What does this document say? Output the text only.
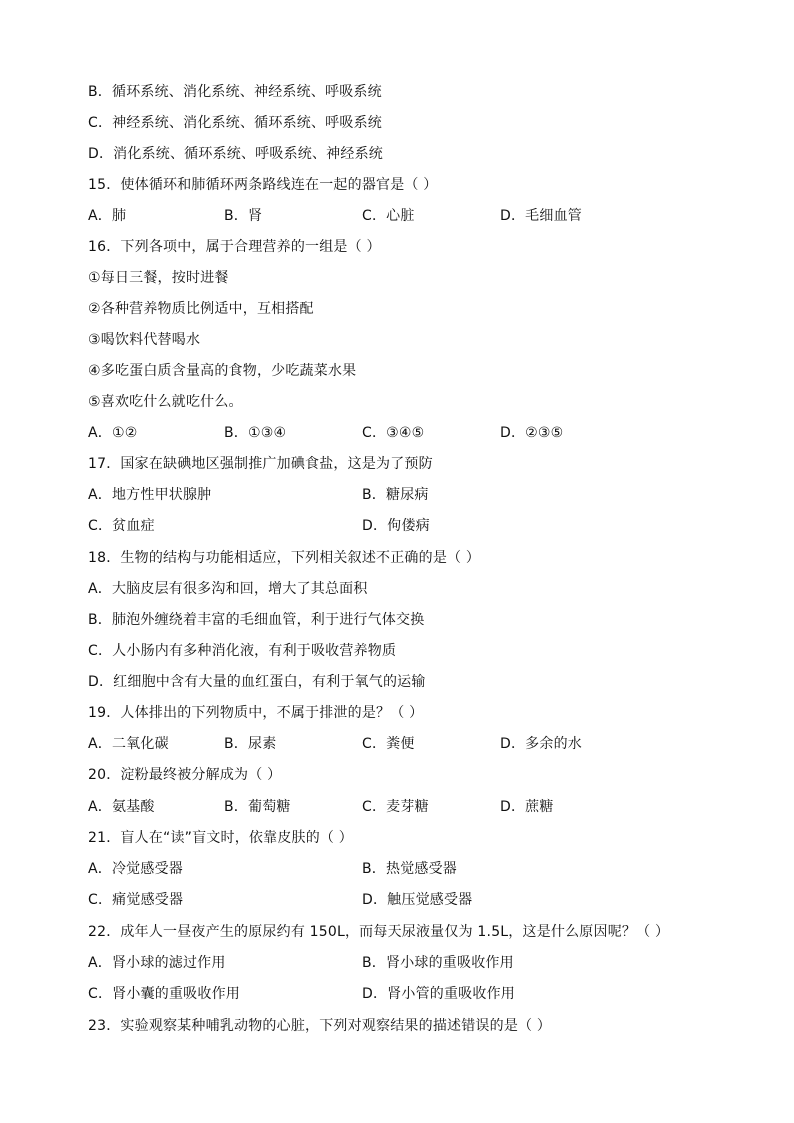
B．循环系统、消化系统、神经系统、呼吸系统
C．神经系统、消化系统、循环系统、呼吸系统
D．消化系统、循环系统、呼吸系统、神经系统
15．使体循环和肺循环两条路线连在一起的器官是（ ）
A．肺	B．肾	C．心脏	D．毛细血管
16．下列各项中，属于合理营养的一组是（ ）
①每日三餐，按时进餐
②各种营养物质比例适中，互相搭配
③喝饮料代替喝水
④多吃蛋白质含量高的食物，少吃蔬菜水果
⑤喜欢吃什么就吃什么。
A．①②	B．①③④	C．③④⑤	D．②③⑤
17．国家在缺碘地区强制推广加碘食盐，这是为了预防
A．地方性甲状腺肿	B．糖尿病
C．贫血症	D．佝偻病
18．生物的结构与功能相适应，下列相关叙述不正确的是（ ）
A．大脑皮层有很多沟和回，增大了其总面积
B．肺泡外缠绕着丰富的毛细血管，利于进行气体交换
C．人小肠内有多种消化液，有利于吸收营养物质
D．红细胞中含有大量的血红蛋白，有利于氧气的运输
19．人体排出的下列物质中，不属于排泄的是？（ ）
A．二氧化碳	B．尿素	C．粪便	D．多余的水
20．淀粉最终被分解成为（ ）
A．氨基酸	B．葡萄糖	C．麦芽糖	D．蔗糖
21．盲人在“读”盲文时，依靠皮肤的（ ）
A．冷觉感受器	B．热觉感受器
C．痛觉感受器	D．触压觉感受器
22．成年人一昼夜产生的原尿约有 150L，而每天尿液量仅为 1.5L，这是什么原因呢？（ ）
A．肾小球的滤过作用	B．肾小球的重吸收作用
C．肾小囊的重吸收作用	D．肾小管的重吸收作用
23．实验观察某种哺乳动物的心脏，下列对观察结果的描述错误的是（ ）
